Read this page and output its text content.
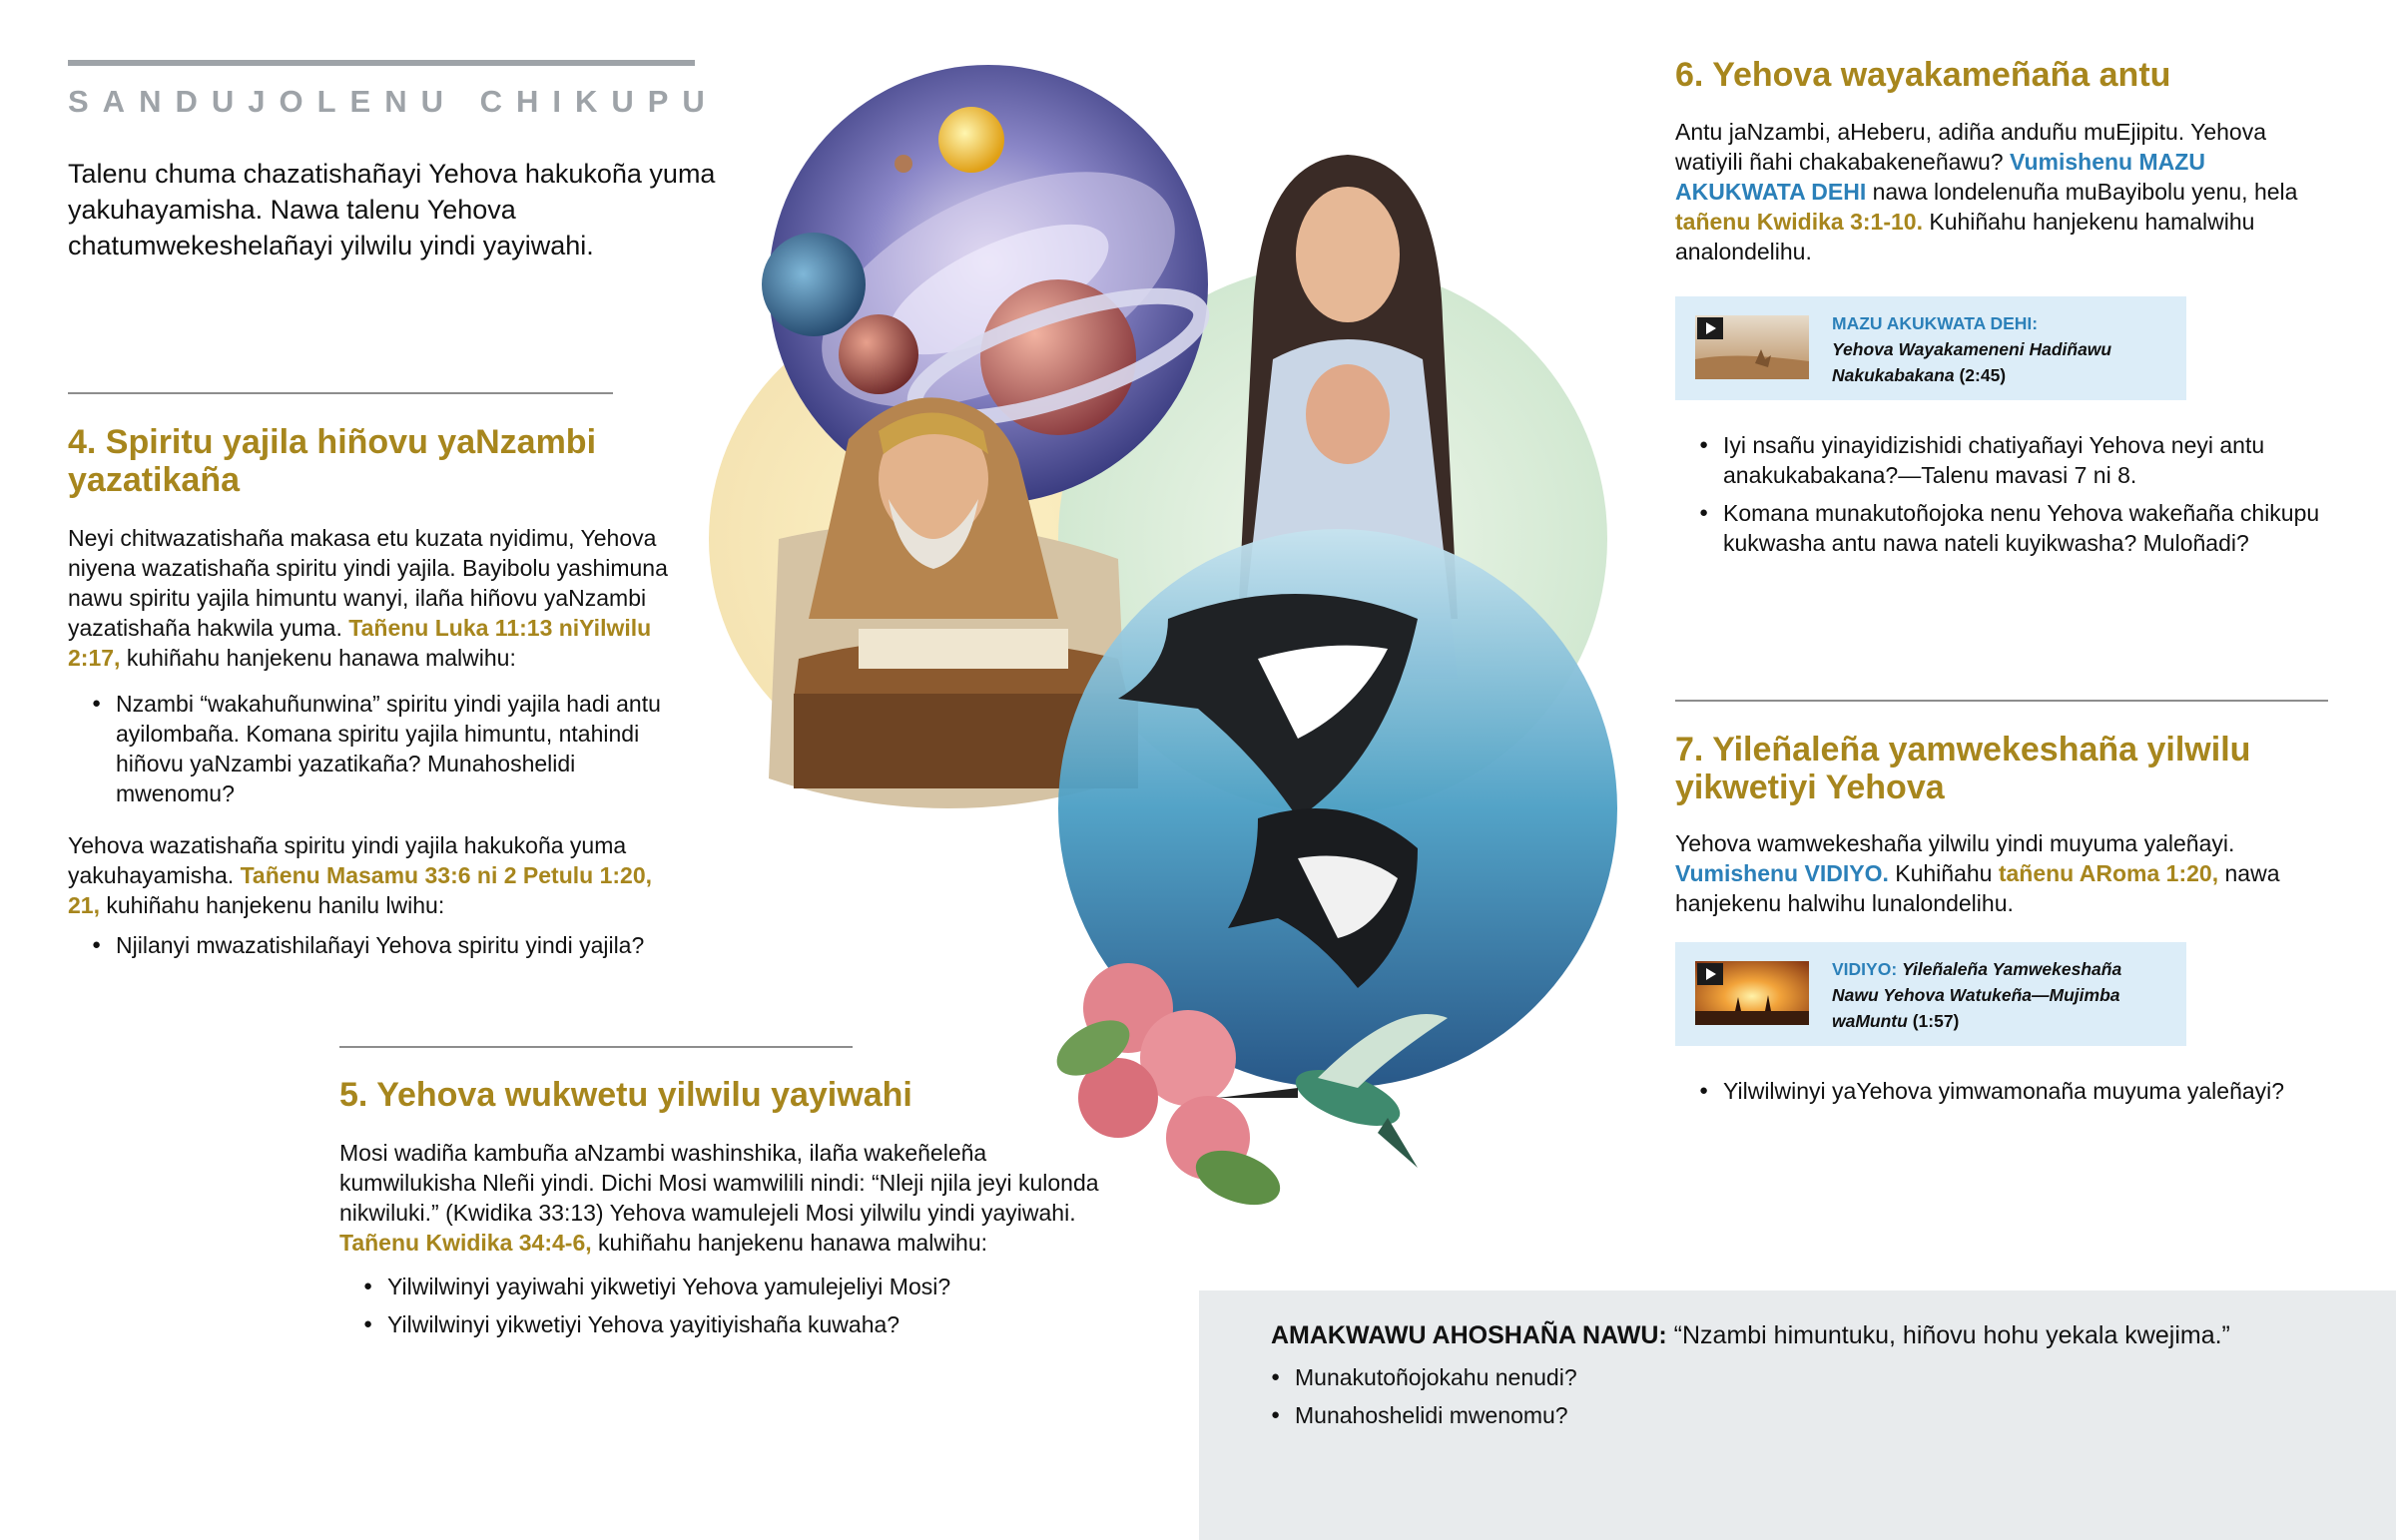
SANDUJOLENU CHIKUPU

Talenu chuma chazatishañayi Yehova hakukoña yuma yakuhayamisha. Nawa talenu Yehova chatumwekeshelañayi yilwilu yindi yayiwahi.

4. Spiritu yajila hiñovu yaNzambi yazatikaña

Neyi chitwazatishaña makasa etu kuzata nyidimu, Yehova niyena wazatishaña spiritu yindi yajila. Bayibolu yashimuna nawu spiritu yajila himuntu wanyi, ilaña hiñovu yaNzambi yazatishaña hakwila yuma. Tañenu Luka 11:13 niYilwilu 2:17, kuhiñahu hanjekenu hanawa malwihu:

● Nzambi “wakahuñunwina” spiritu yindi yajila hadi antu ayilombaña. Komana spiritu yajila himuntu, ntahindi hiñovu yaNzambi yazatikaña? Munahoshelidi mwenomu?

Yehova wazatishaña spiritu yindi yajila hakukoña yuma yakuhayamisha. Tañenu Masamu 33:6 ni 2 Petulu 1:20, 21, kuhiñahu hanjekenu hanilu lwihu:

● Njilanyi mwazatishilañayi Yehova spiritu yindi yajila?
5. Yehova wukwetu yilwilu yayiwahi

Mosi wadiña kambuña aNzambi washinshika, ilaña wakeñeleña kumwilukisha Nleñi yindi. Dichi Mosi wamwilili nindi: “Nleji njila jeyi kulonda nikwiluki.” (Kwidika 33:13) Yehova wamulejeli Mosi yilwilu yindi yayiwahi. Tañenu Kwidika 34:4-6, kuhiñahu hanjekenu hanawa malwihu:

● Yilwilwinyi yayiwahi yikwetiyi Yehova yamulejeliyi Mosi?
● Yilwilwinyi yikwetiyi Yehova yayitiyishaña kuwaha?
6. Yehova wayakameñaña antu

Antu jaNzambi, aHeberu, adiña anduñu muEjipitu. Yehova watiyili ñahi chakabakeneñawu? Vumishenu MAZU AKUKWATA DEHI nawa londelenuña muBayibolu yenu, hela tañenu Kwidika 3:1-10. Kuhiñahu hanjekenu hamalwihu analondelihu.

MAZU AKUKWATA DEHI:
Yehova Wayakameneni Hadiñawu Nakukabakana (2:45)
● Iyi nsañu yinayidizishidi chatiyañayi Yehova neyi antu anakukabakana?—Talenu mavasi 7 ni 8.
● Komana munakutoñojoka nenu Yehova wakeñaña chikupu kukwasha antu nawa nateli kuyikwasha? Muloñadi?
7. Yileñaleña yamwekeshaña yilwilu yikwetiyi Yehova

Yehova wamwekeshaña yilwilu yindi muyuma yaleñayi. Vumishenu VIDIYO. Kuhiñahu tañenu ARoma 1:20, nawa hanjekenu halwihu lunalondelihu.

VIDIYO: Yileñaleña Yamwekeshaña Nawu Yehova Watukeña—Mujimba waMuntu (1:57)
● Yilwilwinyi yaYehova yimwamonaña muyuma yaleñayi?
AMAKWAWU AHOSHAÑA NAWU: “Nzambi himuntuku, hiñovu hohu yekala kwejima.”
● Munakutoñojokahu nenudi?
● Munahoshelidi mwenomu?
